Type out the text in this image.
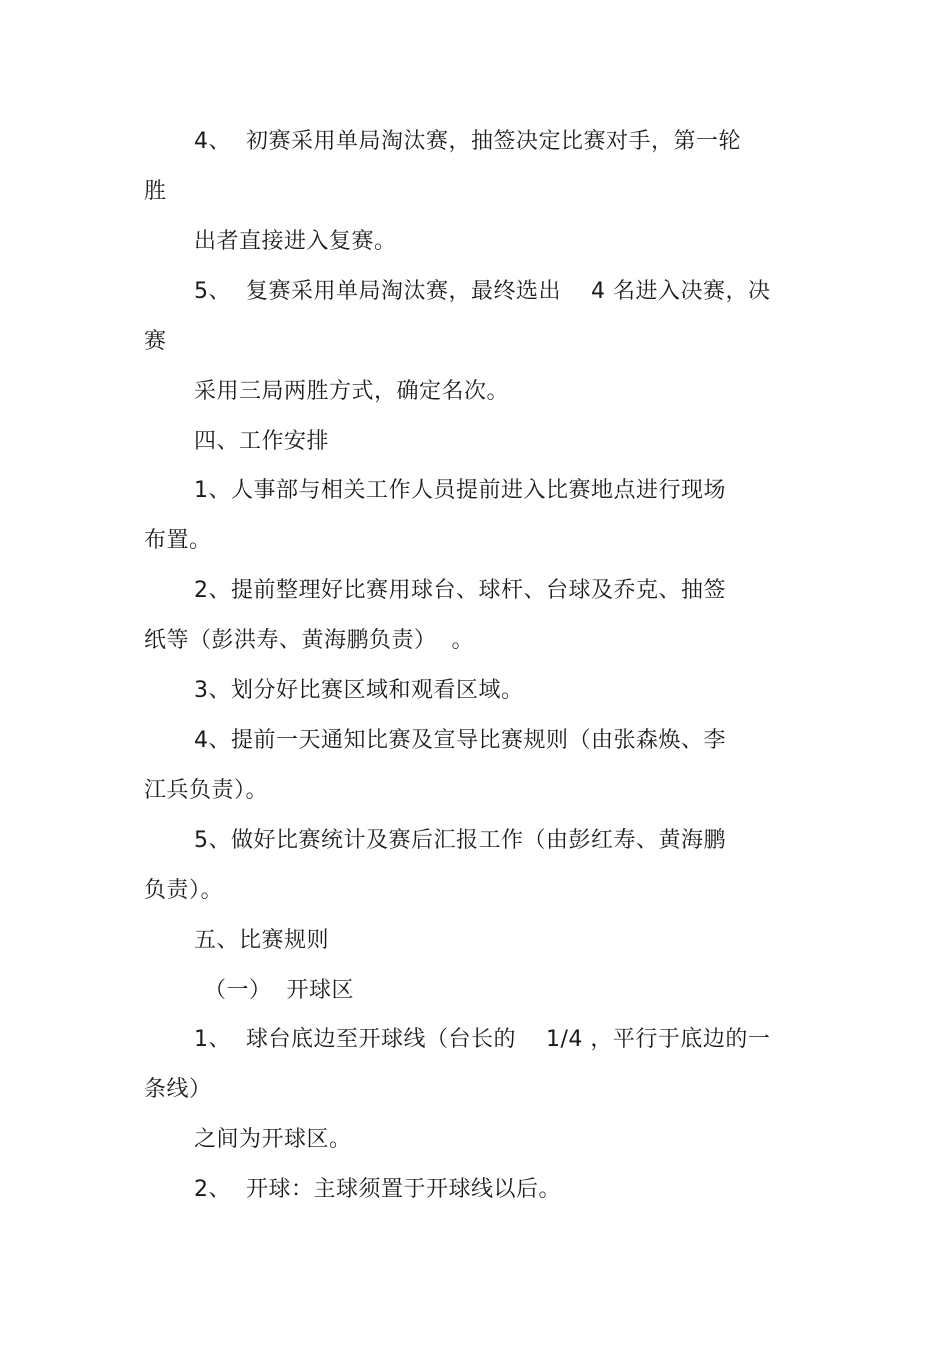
4、  初赛采用单局淘汰赛，抽签决定比赛对手，第一轮

胜

出者直接进入复赛。

5、  复赛采用单局淘汰赛，最终选出    4 名进入决赛，决

赛

采用三局两胜方式，确定名次。

四、工作安排

1、人事部与相关工作人员提前进入比赛地点进行现场

布置。

2、提前整理好比赛用球台、球杆、台球及乔克、抽签

纸等（彭洪寿、黄海鹏负责）  。

3、划分好比赛区域和观看区域。

4、提前一天通知比赛及宣导比赛规则（由张森焕、李

江兵负责）。

5、做好比赛统计及赛后汇报工作（由彭红寿、黄海鹏

负责）。

五、比赛规则

（一）  开球区

1、  球台底边至开球线（台长的    1/4 ，平行于底边的一

条线）

之间为开球区。

2、  开球：主球须置于开球线以后。
